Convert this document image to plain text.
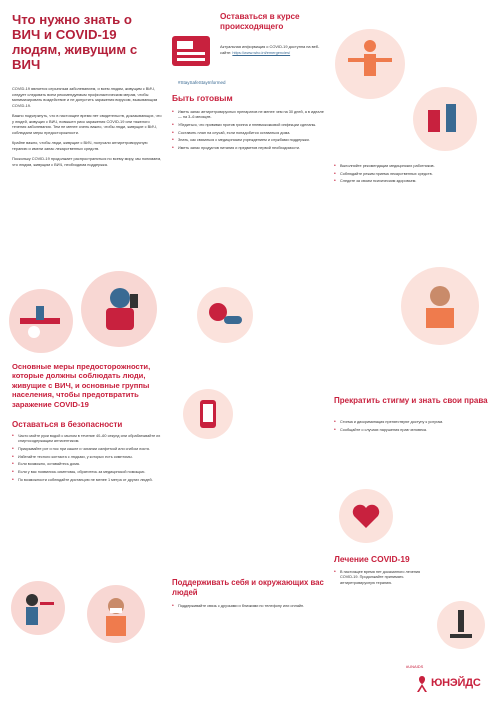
Что нужно знать о ВИЧ и COVID-19 людям, живущим с ВИЧ

COVID-19 является серьезным заболеванием, и всем людям, живущим с ВИЧ, следует следовать всем рекомендуемым профилактическим мерам, чтобы минимизировать воздействие и не допустить заражения вирусом, вызывающим COVID-19.

Важно подчеркнуть, что в настоящее время нет свидетельств, доказывающих, что у людей, живущих с ВИЧ, повышен риск заражения COVID-19 или тяжелого течения заболевания. Тем не менее очень важно, чтобы люди, живущие с ВИЧ, соблюдали меры предосторожности.

Крайне важно, чтобы люди, живущие с ВИЧ, получали антиретровирусную терапию и имели запас лекарственных средств.

Поскольку COVID-19 продолжает распространяться по всему миру, мы понимаем, что людям, живущим с ВИЧ, необходима поддержка.

Основные меры предосторожности, которые должны соблюдать люди, живущие с ВИЧ, и основные группы населения, чтобы предотвратить заражение COVID-19
Оставаться в безопасности
• Часто мойте руки водой с мылом в течение 40–60 секунд или обрабатывайте их спиртосодержащим антисептиком.
• Прикрывайте рот и нос при кашле и чихании салфеткой или сгибом локтя.
• Избегайте тесного контакта с людьми, у которых есть симптомы.
• Если возможно, оставайтесь дома.
• Если у вас появились симптомы, обратитесь за медицинской помощью.
• По возможности соблюдайте дистанцию не менее 1 метра от других людей.
Оставаться в курсе происходящего
Актуальная информация о COVID-19 доступна на веб-сайте: https://www.who.int/emergencies/
#StaySafeStayInformed
Быть готовым
• Иметь запас антиретровирусных препаратов не менее чем на 30 дней, а в идеале — на 3–6 месяцев.
• Убедиться, что прививки против гриппа и пневмококковой инфекции сделаны.
• Составить план на случай, если понадобится оставаться дома.
• Знать, как связаться с медицинским учреждением и службами поддержки.
• Иметь запас продуктов питания и предметов первой необходимости.
Поддерживать себя и окружающих вас людей
• Поддерживайте связь с друзьями и близкими по телефону или онлайн.
• Выполняйте рекомендации медицинских работников.
• Соблюдайте режим приема лекарственных средств.
• Следите за своим психическим здоровьем.
Прекратить стигму и знать свои права
• Стигма и дискриминация препятствуют доступу к услугам.
• Сообщайте о случаях нарушения прав человека.
Лечение COVID-19
• В настоящее время нет доказанного лечения COVID-19. Продолжайте принимать антиретровирусную терапию.
#UNAIDS
ЮНЭЙДС
